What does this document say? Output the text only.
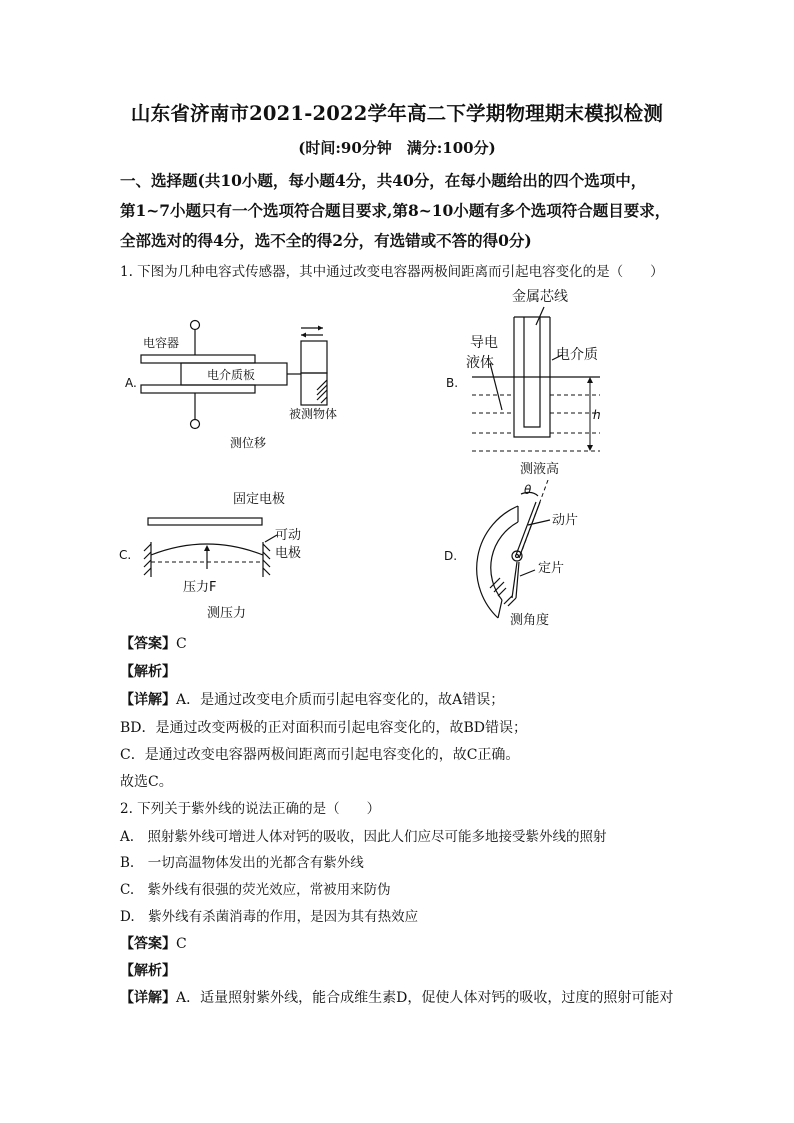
山东省济南市2021-2022学年高二下学期物理期末模拟检测
(时间:90分钟　满分:100分)
一、选择题(共10小题，每小题4分，共40分，在每小题给出的四个选项中，
第1~7小题只有一个选项符合题目要求,第8~10小题有多个选项符合题目要求，
全部选对的得4分，选不全的得2分，有选错或不答的得0分)
1. 下图为几种电容式传感器，其中通过改变电容器两极间距离而引起电容变化的是（　　）
A.
电容器
电介质板
被测物体
测位移
h
金属芯线
导电
液体	电介质
B.
测液高
固定电极
可动
电极
C.
压力F
测压力
θ
动片
定片
D.
测角度
【答案】C
【解析】
【详解】A．是通过改变电介质而引起电容变化的，故A错误；
BD．是通过改变两极的正对面积而引起电容变化的，故BD错误；
C．是通过改变电容器两极间距离而引起电容变化的，故C正确。
故选C。
2. 下列关于紫外线的说法正确的是（　　）
A.　照射紫外线可增进人体对钙的吸收，因此人们应尽可能多地接受紫外线的照射
B.　一切高温物体发出的光都含有紫外线
C.　紫外线有很强的荧光效应，常被用来防伪
D.　紫外线有杀菌消毒的作用，是因为其有热效应
【答案】C
【解析】
【详解】A．适量照射紫外线，能合成维生素D，促使人体对钙的吸收，过度的照射可能对
